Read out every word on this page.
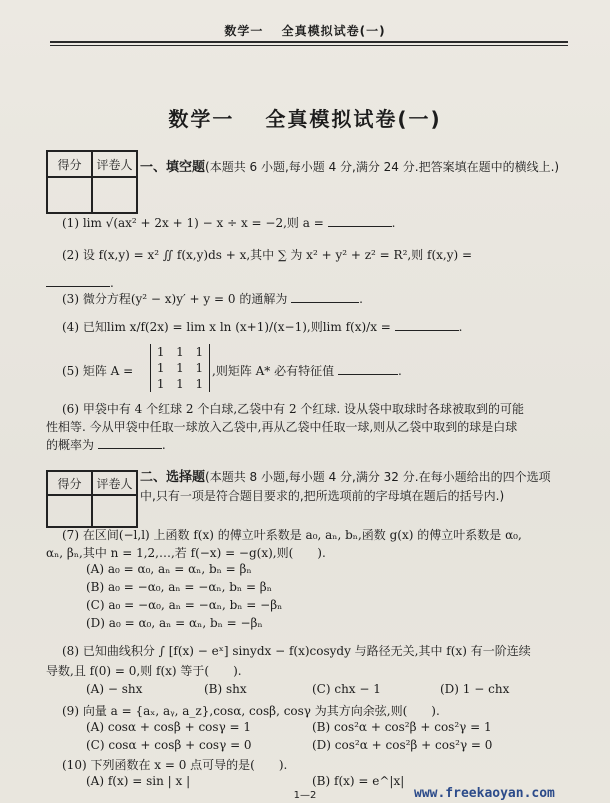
数学一　 全真模拟试卷(一)
数学一　 全真模拟试卷(一)
得分	评卷人 一、填空题(本题共 6 小题,每小题 4 分,满分 24 分.把答案填在题中的横线上.)
(1) lim √(ax² + 2x + 1) − x ÷ x = −2,则 a =	.
(2) 设 f(x,y) = x² ∬ f(x,y)ds + x,其中 ∑ 为 x² + y² + z² = R²,则 f(x,y) =
.
(3) 微分方程(y² − x)y′ + y = 0 的通解为	.
(4) 已知lim x/f(2x) = lim x ln (x+1)/(x−1),则lim f(x)/x =	.
(5) 矩阵 A =
1 1 1
1 1 1
1 1 1
,则矩阵 A* 必有特征值	.
(6) 甲袋中有 4 个红球 2 个白球,乙袋中有 2 个红球. 设从袋中取球时各球被取到的可能
性相等. 今从甲袋中任取一球放入乙袋中,再从乙袋中任取一球,则从乙袋中取到的球是白球
的概率为	.
得分	评卷人 二、选择题(本题共 8 小题,每小题 4 分,满分 32 分.在每小题给出的四个选项中,只有一项是符合题目要求的,把所选项前的字母填在题后的括号内.)
(7) 在区间(−l,l) 上函数 f(x) 的傅立叶系数是 a₀, aₙ, bₙ,函数 g(x) 的傅立叶系数是 α₀,
αₙ, βₙ,其中 n = 1,2,…,若 f(−x) = −g(x),则(　　).
(A) a₀ = α₀, aₙ = αₙ, bₙ = βₙ
(B) a₀ = −α₀, aₙ = −αₙ, bₙ = βₙ
(C) a₀ = −α₀, aₙ = −αₙ, bₙ = −βₙ
(D) a₀ = α₀, aₙ = αₙ, bₙ = −βₙ
(8) 已知曲线积分 ∫ [f(x) − eˣ] sinydx − f(x)cosydy 与路径无关,其中 f(x) 有一阶连续
导数,且 f(0) = 0,则 f(x) 等于(　　).
(A) − shx	(B) shx	(C) chx − 1	(D) 1 − chx
(9) 向量 a = {aₓ, aᵧ, a_z},cosα, cosβ, cosγ 为其方向余弦,则(　　).
(A) cosα + cosβ + cosγ = 1	(B) cos²α + cos²β + cos²γ = 1
(C) cosα + cosβ + cosγ = 0	(D) cos²α + cos²β + cos²γ = 0
(10) 下列函数在 x = 0 点可导的是(　　).
(A) f(x) = sin | x |	(B) f(x) = e^|x|
1—2	www.freekaoyan.com
